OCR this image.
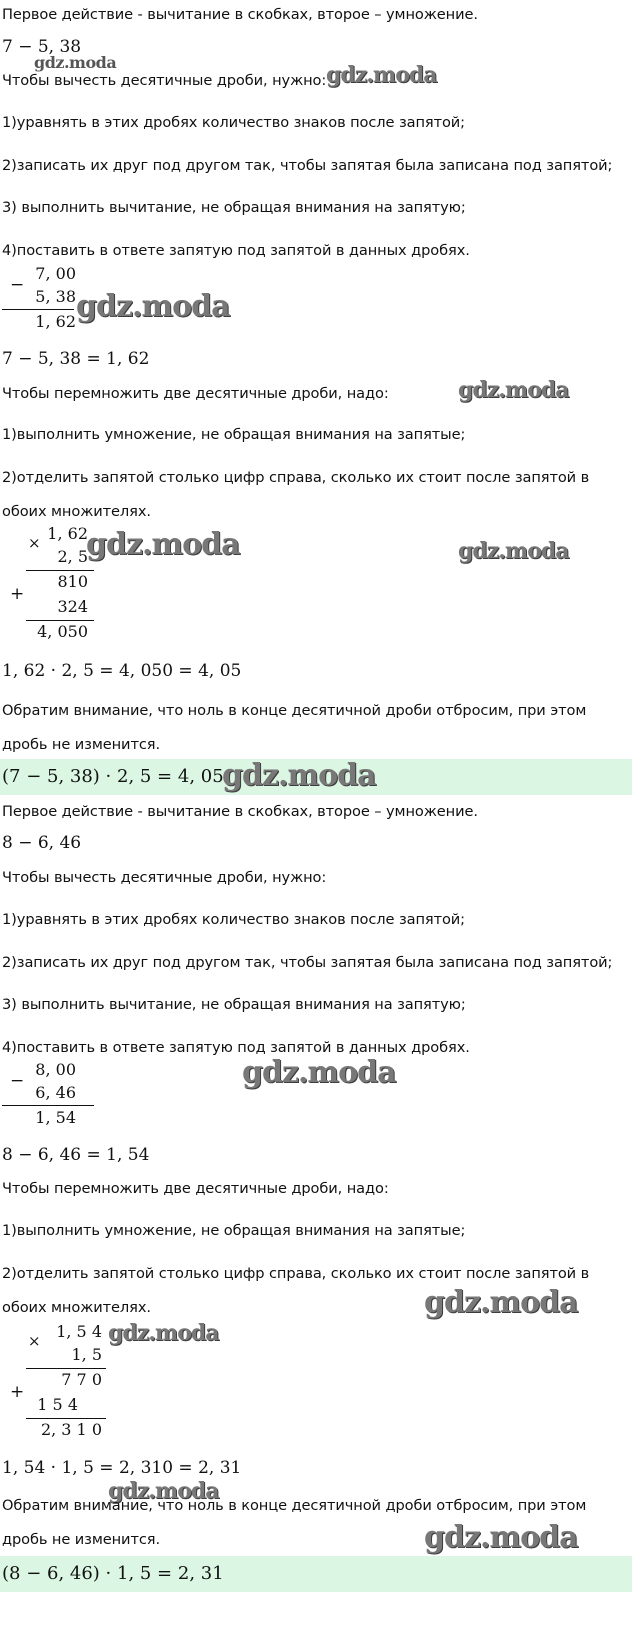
Первое действие - вычитание в скобках, второе – умножение.
7 − 5, 38
gdz.moda
Чтобы вычесть десятичные дроби, нужно: gdz.moda
1)уравнять в этих дробях количество знаков после запятой;
2)записать их друг под другом так, чтобы запятая была записана под запятой;
3) выполнить вычитание, не обращая внимания на запятую;
4)поставить в ответе запятую под запятой в данных дробях.
−
7, 00
5, 38
1, 62 gdz.moda
7 − 5, 38 = 1, 62
Чтобы перемножить две десятичные дроби, надо:	gdz.moda
1)выполнить умножение, не обращая внимания на запятые;
2)отделить запятой столько цифр справа, сколько их стоит после запятой в
обоих множителях.
× 1, 62
2, 5
810
+
324
4, 050
gdz.moda	gdz.moda
1, 62 · 2, 5 = 4, 050 = 4, 05
Обратим внимание, что ноль в конце десятичной дроби отбросим, при этом
дробь не изменится.
(7 − 5, 38) · 2, 5 = 4, 05
gdz.moda
Первое действие - вычитание в скобках, второе – умножение.
8 − 6, 46
Чтобы вычесть десятичные дроби, нужно:
1)уравнять в этих дробях количество знаков после запятой;
2)записать их друг под другом так, чтобы запятая была записана под запятой;
3) выполнить вычитание, не обращая внимания на запятую;
4)поставить в ответе запятую под запятой в данных дробях.
−
8, 00
6, 46
1, 54
gdz.moda
8 − 6, 46 = 1, 54
Чтобы перемножить две десятичные дроби, надо:
1)выполнить умножение, не обращая внимания на запятые;
2)отделить запятой столько цифр справа, сколько их стоит после запятой в
обоих множителях.	gdz.moda
× 1, 5 4
1, 5
7 7 0
+
1 5 4
2, 3 1 0
gdz.moda
1, 54 · 1, 5 = 2, 310 = 2, 31
gdz.moda
Обратим внимание, что ноль в конце десятичной дроби отбросим, при этом
дробь не изменится.	gdz.moda
(8 − 6, 46) · 1, 5 = 2, 31
